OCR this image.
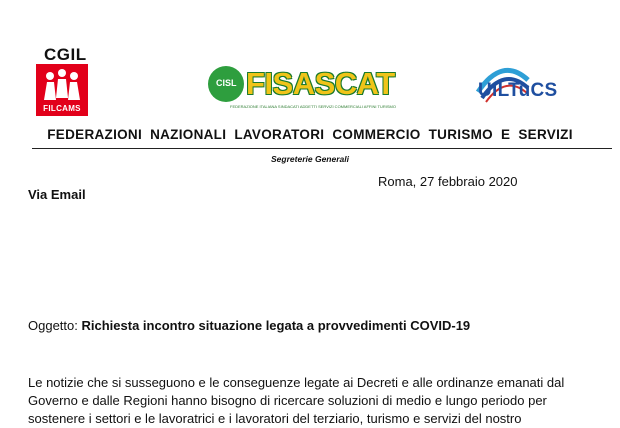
CGIL
FILCAMS
CISL FISASCAT
FEDERAZIONE ITALIANA SINDACATI ADDETTI SERVIZI COMMERCIALI AFFINI TURISMO
UILTuCS
FEDERAZIONI NAZIONALI LAVORATORI COMMERCIO TURISMO E SERVIZI
Segreterie Generali
Roma, 27 febbraio 2020
Via Email
Oggetto: Richiesta incontro situazione legata a provvedimenti COVID-19
Le notizie che si susseguono e le conseguenze legate ai Decreti e alle ordinanze emanati dal
Governo e dalle Regioni hanno bisogno di ricercare soluzioni di medio e lungo periodo per
sostenere i settori e le lavoratrici e i lavoratori del terziario, turismo e servizi del nostro
